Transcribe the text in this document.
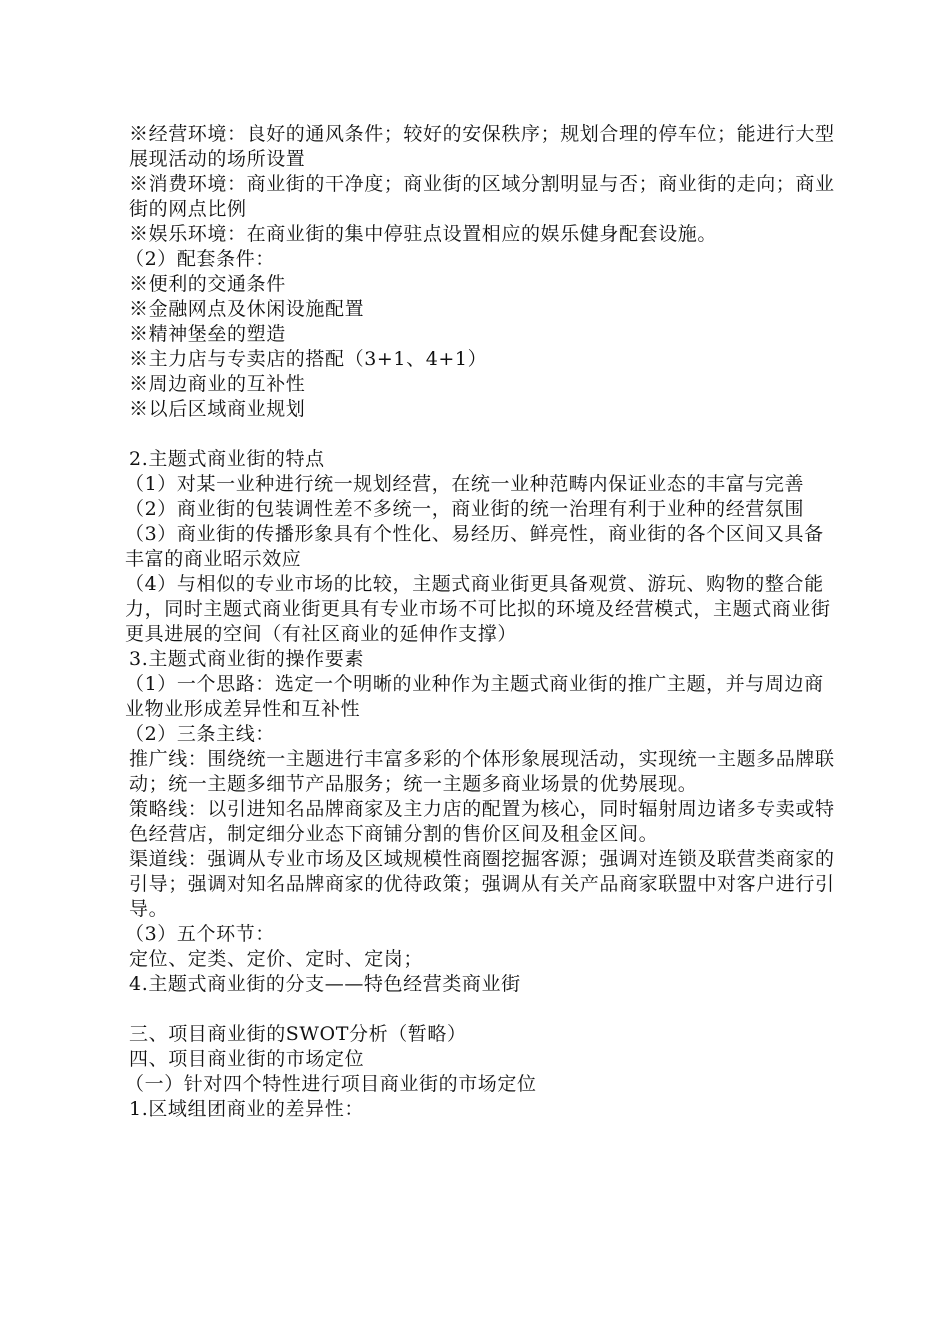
※经营环境：良好的通风条件；较好的安保秩序；规划合理的停车位；能进行大型展现活动的场所设置

※消费环境：商业街的干净度；商业街的区域分割明显与否；商业街的走向；商业街的网点比例

※娱乐环境：在商业街的集中停驻点设置相应的娱乐健身配套设施。

（2）配套条件：

※便利的交通条件

※金融网点及休闲设施配置

※精神堡垒的塑造

※主力店与专卖店的搭配（3+1、4+1）

※周边商业的互补性

※以后区域商业规划

2.主题式商业街的特点

（1）对某一业种进行统一规划经营，在统一业种范畴内保证业态的丰富与完善

（2）商业街的包装调性差不多统一，商业街的统一治理有利于业种的经营氛围

（3）商业街的传播形象具有个性化、易经历、鲜亮性，商业街的各个区间又具备丰富的商业昭示效应

（4）与相似的专业市场的比较，主题式商业街更具备观赏、游玩、购物的整合能力，同时主题式商业街更具有专业市场不可比拟的环境及经营模式，主题式商业街更具进展的空间（有社区商业的延伸作支撑）

3.主题式商业街的操作要素

（1）一个思路：选定一个明晰的业种作为主题式商业街的推广主题，并与周边商业物业形成差异性和互补性

（2）三条主线：

推广线：围绕统一主题进行丰富多彩的个体形象展现活动，实现统一主题多品牌联动；统一主题多细节产品服务；统一主题多商业场景的优势展现。

策略线：以引进知名品牌商家及主力店的配置为核心，同时辐射周边诸多专卖或特色经营店，制定细分业态下商铺分割的售价区间及租金区间。

渠道线：强调从专业市场及区域规模性商圈挖掘客源；强调对连锁及联营类商家的引导；强调对知名品牌商家的优待政策；强调从有关产品商家联盟中对客户进行引导。

（3）五个环节：

定位、定类、定价、定时、定岗；

4.主题式商业街的分支——特色经营类商业街

三、项目商业街的SWOT分析（暂略）

四、项目商业街的市场定位

（一）针对四个特性进行项目商业街的市场定位

1.区域组团商业的差异性：
